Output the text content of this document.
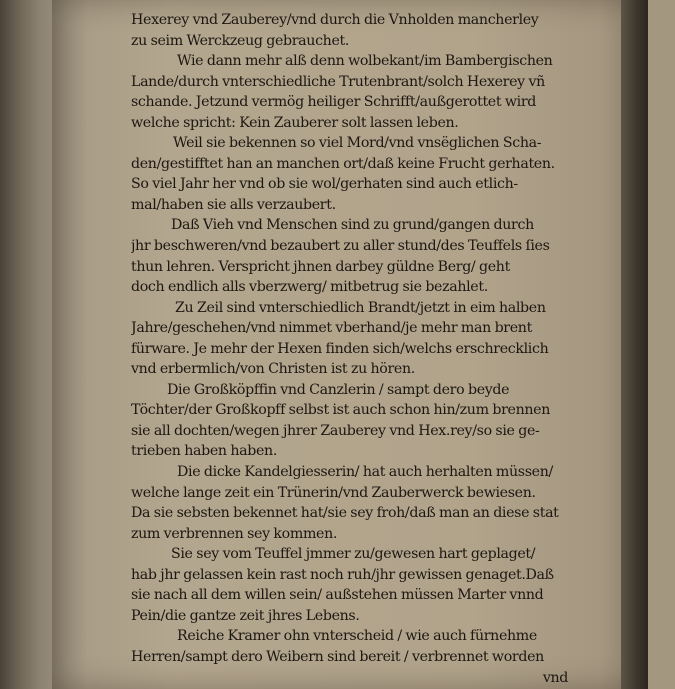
Hexerey vnd Zauberey/vnd durch die Vnholden mancherley
zu seim Werckzeug gebrauchet.
Wie dann mehr alß denn wolbekant/im Bambergischen
Lande/durch vnterschiedliche Trutenbrant/solch Hexerey vñ
schande. Jetzund vermög heiliger Schrifft/außgerottet wird
welche spricht: Kein Zauberer solt lassen leben.
Weil sie bekennen so viel Mord/vnd vnsëglichen Scha-
den/gestifftet han an manchen ort/daß keine Frucht gerhaten.
So viel Jahr her vnd ob sie wol/gerhaten sind auch etlich-
mal/haben sie alls verzaubert.
Daß Vieh vnd Menschen sind zu grund/gangen durch
jhr beschweren/vnd bezaubert zu aller stund/des Teuffels ſies
thun lehren. Verspricht jhnen darbey güldne Berg/ geht
doch endlich alls vberzwerg/ mitbetrug sie bezahlet.
Zu Zeil sind vnterschiedlich Brandt/jetzt in eim halben
Jahre/geschehen/vnd nimmet vberhand/je mehr man brent
fürware. Je mehr der Hexen finden sich/welchs erschrecklich
vnd erbermlich/von Christen ist zu hören.
Die Großköpffin vnd Canzlerin / sampt dero beyde
Töchter/der Großkopff selbst ist auch schon hin/zum brennen
sie all dochten/wegen jhrer Zauberey vnd Hex.rey/so sie ge-
trieben haben haben.
Die dicke Kandelgiesserin/ hat auch herhalten müssen/
welche lange zeit ein Trünerin/vnd Zauberwerck bewiesen.
Da sie sebsten bekennet hat/sie sey froh/daß man an diese stat
zum verbrennen sey kommen.
Sie sey vom Teuffel jmmer zu/gewesen hart geplaget/
hab jhr gelassen kein rast noch ruh/jhr gewissen genaget.Daß
sie nach all dem willen sein/ außstehen müssen Marter vnnd
Pein/die gantze zeit jhres Lebens.
Reiche Kramer ohn vnterscheid / wie auch fürnehme
Herren/sampt dero Weibern sind bereit / verbrennet worden
vnd
